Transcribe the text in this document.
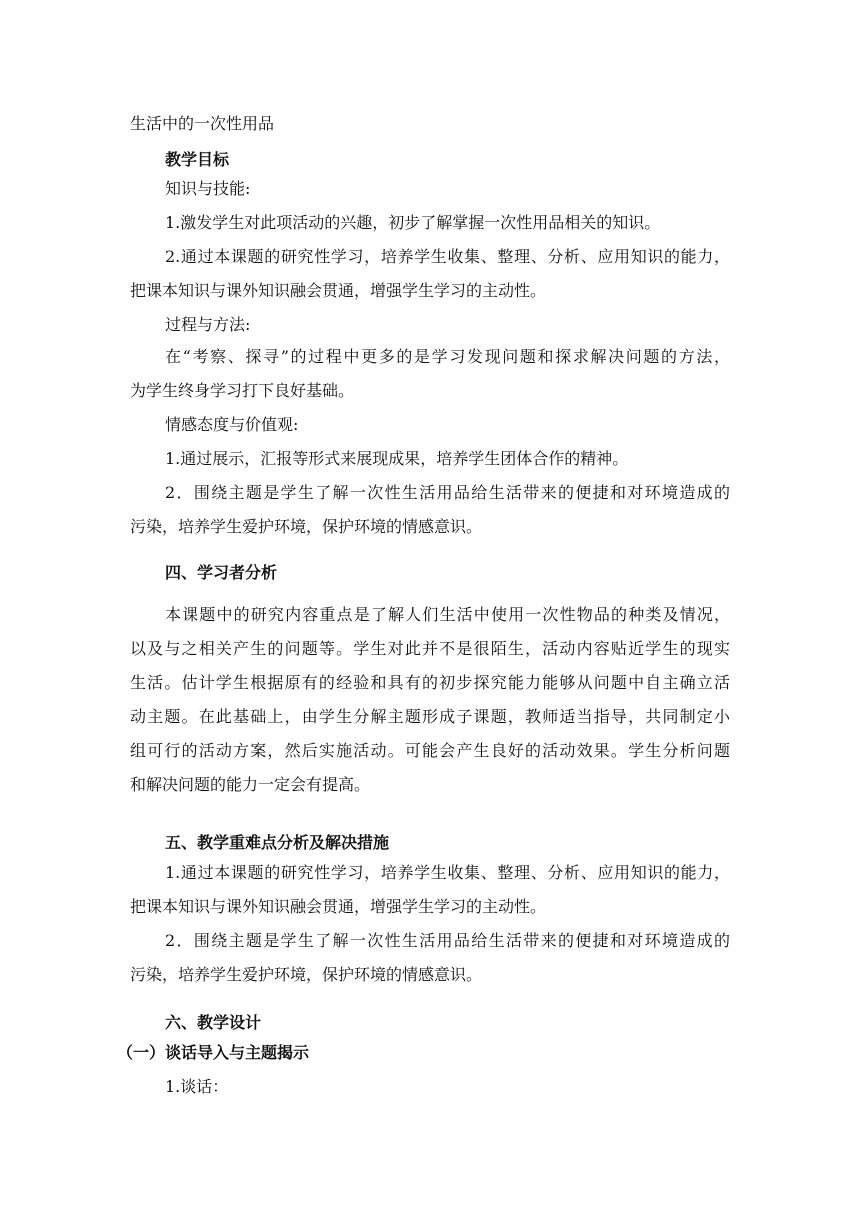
生活中的一次性用品
教学目标
知识与技能:
1.激发学生对此项活动的兴趣，初步了解掌握一次性用品相关的知识。
2.通过本课题的研究性学习，培养学生收集、整理、分析、应用知识的能力，
把课本知识与课外知识融会贯通，增强学生学习的主动性。
过程与方法:
在“考察、探寻”的过程中更多的是学习发现问题和探求解决问题的方法，
为学生终身学习打下良好基础。
情感态度与价值观:
1.通过展示，汇报等形式来展现成果，培养学生团体合作的精神。
2．围绕主题是学生了解一次性生活用品给生活带来的便捷和对环境造成的
污染，培养学生爱护环境，保护环境的情感意识。
四、学习者分析
本课题中的研究内容重点是了解人们生活中使用一次性物品的种类及情况，
以及与之相关产生的问题等。学生对此并不是很陌生，活动内容贴近学生的现实
生活。估计学生根据原有的经验和具有的初步探究能力能够从问题中自主确立活
动主题。在此基础上，由学生分解主题形成子课题，教师适当指导，共同制定小
组可行的活动方案，然后实施活动。可能会产生良好的活动效果。学生分析问题
和解决问题的能力一定会有提高。
五、教学重难点分析及解决措施
1.通过本课题的研究性学习，培养学生收集、整理、分析、应用知识的能力，
把课本知识与课外知识融会贯通，增强学生学习的主动性。
2．围绕主题是学生了解一次性生活用品给生活带来的便捷和对环境造成的
污染，培养学生爱护环境，保护环境的情感意识。
六、教学设计
（一）谈话导入与主题揭示
1.谈话：
